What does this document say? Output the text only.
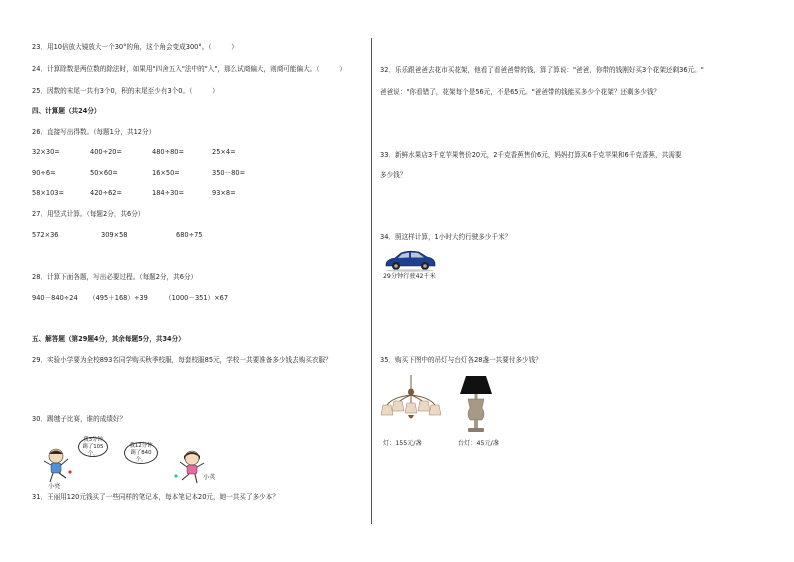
23．用10倍放大镜放大一个30°的角，这个角会变成300°。（　　　）
24．计算除数是两位数的除法时，如果用"四舍五入"法中的"入"，那么试商偏大，则商可能偏大。（　　　）
25．因数的末尾一共有3个0，积的末尾至少有3个0。（　　　）
四、计算题（共24分）
26．直接写出得数。（每题1分，共12分）
32×30=	400÷20=	480÷80=	25×4=
90÷6=	50×60=	16×50=	350－80=
58×103=	420÷62=	184÷30=	93×8=
27．用竖式计算。（每题2分，共6分）
572×36	309×58	680÷75
28．计算下面各题，写出必要过程。（每题2分，共6分）
940－840÷24 （495＋168）÷39	（1000－351）×67
五、解答题（第29题4分，其余每题5分，共34分）
29．实验小学要为全校893名同学购买秋季校服，每套校服85元，学校一共要准备多少钱去购买衣服？
30．踢毽子比赛，谁的成绩好？
我3分钟踢了105个。
小亮
我12分钟踢了840个。
小英
31．王丽用120元钱买了一些同样的笔记本，每本笔记本20元，她一共买了多少本？
32．乐乐跟爸爸去花市买花架，他看了看爸爸带的钱，算了算说："爸爸，你带的钱刚好买3个花架还剩36元。"
爸爸说："你看错了，花架每个是56元，不是65元。"爸爸带的钱能买多少个花架？还剩多少钱？
33．新鲜水果店3千克苹果售价20元，2千克香蕉售价6元，妈妈打算买6千克苹果和6千克香蕉，共需要
多少钱？
34．照这样计算，1小时大约行驶多少千米？
29分钟行驶42千米
35．购买下图中的吊灯与台灯各28盏一共要付多少钱？
灯：155元/盏	台灯：45元/盏
